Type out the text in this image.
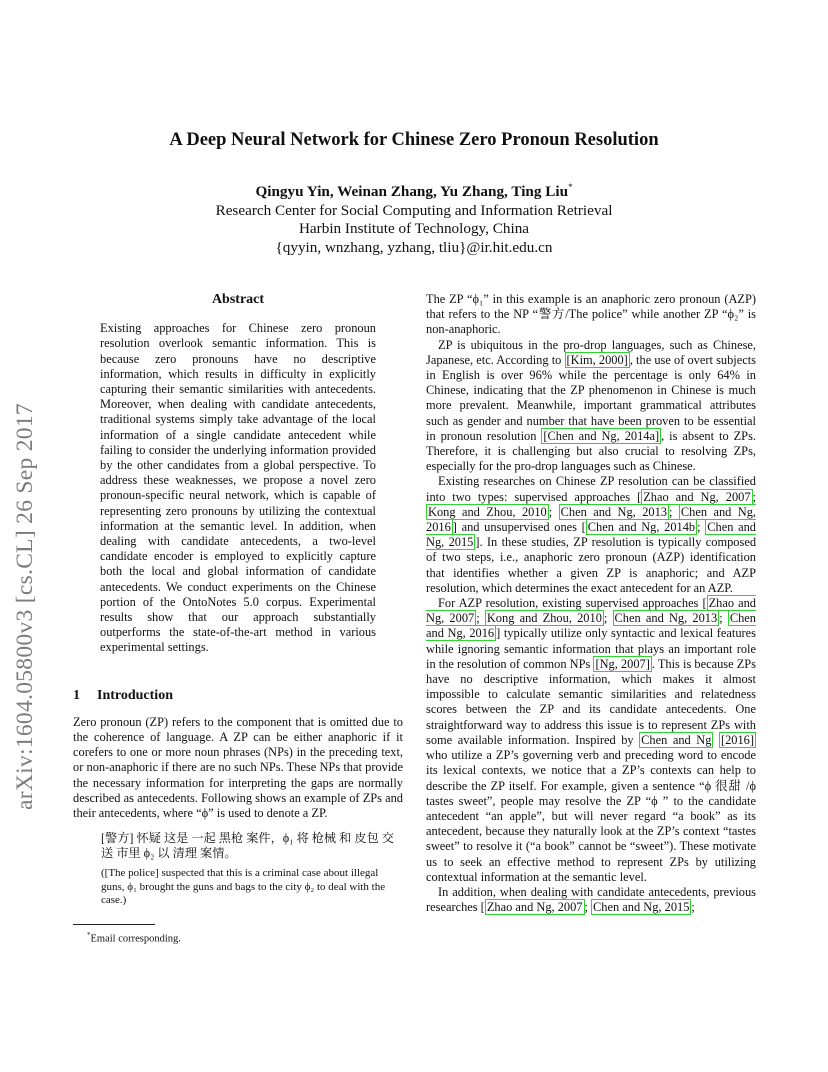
arXiv:1604.05800v3 [cs.CL] 26 Sep 2017
A Deep Neural Network for Chinese Zero Pronoun Resolution
Qingyu Yin, Weinan Zhang, Yu Zhang, Ting Liu*
Research Center for Social Computing and Information Retrieval
Harbin Institute of Technology, China
{qyyin, wnzhang, yzhang, tliu}@ir.hit.edu.cn
Abstract

Existing approaches for Chinese zero pronoun resolution overlook semantic information. This is because zero pronouns have no descriptive information, which results in difficulty in explicitly capturing their semantic similarities with antecedents. Moreover, when dealing with candidate antecedents, traditional systems simply take advantage of the local information of a single candidate antecedent while failing to consider the underlying information provided by the other candidates from a global perspective. To address these weaknesses, we propose a novel zero pronoun-specific neural network, which is capable of representing zero pronouns by utilizing the contextual information at the semantic level. In addition, when dealing with candidate antecedents, a two-level candidate encoder is employed to explicitly capture both the local and global information of candidate antecedents. We conduct experiments on the Chinese portion of the OntoNotes 5.0 corpus. Experimental results show that our approach substantially outperforms the state-of-the-art method in various experimental settings.

1 Introduction

Zero pronoun (ZP) refers to the component that is omitted due to the coherence of language. A ZP can be either anaphoric if it corefers to one or more noun phrases (NPs) in the preceding text, or non-anaphoric if there are no such NPs. These NPs that provide the necessary information for interpreting the gaps are normally described as antecedents. Following shows an example of ZPs and their antecedents, where “ϕ” is used to denote a ZP.

[警方] 怀疑 这是 一起 黑枪 案件，ϕ₁ 将 枪械 和 皮包 交送 市里 ϕ₂ 以 清理 案情。
([The police] suspected that this is a criminal case about illegal guns, ϕ₁ brought the guns and bags to the city ϕ₂ to deal with the case.)
*Email corresponding.

The ZP “ϕ₁” in this example is an anaphoric zero pronoun (AZP) that refers to the NP “警方/The police” while another ZP “ϕ₂” is non-anaphoric.

ZP is ubiquitous in the pro-drop languages, such as Chinese, Japanese, etc. According to [Kim, 2000] , the use of overt subjects in English is over 96% while the percentage is only 64% in Chinese, indicating that the ZP phenomenon in Chinese is much more prevalent. Meanwhile, important grammatical attributes such as gender and number that have been proven to be essential in pronoun resolution [Chen and Ng, 2014a] , is absent to ZPs. Therefore, it is challenging but also crucial to resolving ZPs, especially for the pro-drop languages such as Chinese.

Existing researches on Chinese ZP resolution can be classified into two types: supervised approaches [ Zhao and Ng, 2007 ; Kong and Zhou, 2010 ; Chen and Ng, 2013 ; Chen and Ng, 2016 ] and unsupervised ones [ Chen and Ng, 2014b ; Chen and Ng, 2015 ]. In these studies, ZP resolution is typically composed of two steps, i.e., anaphoric zero pronoun (AZP) identification that identifies whether a given ZP is anaphoric; and AZP resolution, which determines the exact antecedent for an AZP.

For AZP resolution, existing supervised approaches [ Zhao and Ng, 2007 ; Kong and Zhou, 2010 ; Chen and Ng, 2013 ; Chen and Ng, 2016 ] typically utilize only syntactic and lexical features while ignoring semantic information that plays an important role in the resolution of common NPs [Ng, 2007] . This is because ZPs have no descriptive information, which makes it almost impossible to calculate semantic similarities and relatedness scores between the ZP and its candidate antecedents. One straightforward way to address this issue is to represent ZPs with some available information. Inspired by Chen and Ng [2016] who utilize a ZP’s governing verb and preceding word to encode its lexical contexts, we notice that a ZP’s contexts can help to describe the ZP itself. For example, given a sentence “ϕ 很甜 /ϕ tastes sweet”, people may resolve the ZP “ϕ ” to the candidate antecedent “an apple”, but will never regard “a book” as its antecedent, because they naturally look at the ZP’s context “tastes sweet” to resolve it (“a book” cannot be “sweet”). These motivate us to seek an effective method to represent ZPs by utilizing contextual information at the semantic level.

In addition, when dealing with candidate antecedents, previous researches [ Zhao and Ng, 2007 ; Chen and Ng, 2015 ;
